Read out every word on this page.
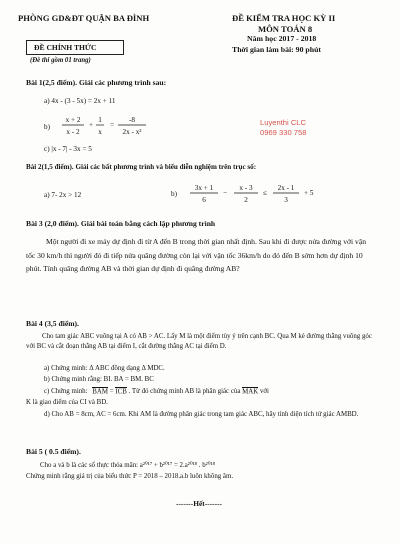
PHÒNG GD&ĐT QUẬN BA ĐÌNH
ĐỀ CHÍNH THỨC
(Đề thi gồm 01 trang)
ĐỀ KIỂM TRA HỌC KỲ II
MÔN TOÁN 8
Năm học 2017 - 2018
Thời gian làm bài: 90 phút
Bài 1(2,5 điểm). Giải các phương trình sau:
a) 4x - (3 - 5x) = 2x + 11
b)
x + 2
x - 2
+
1
x
=
-8
2x - x²
c) |x - 7| - 3x = 5
Luyenthi CLC
0969 330 758
Bài 2(1,5 điểm). Giải các bất phương trình và biểu diễn nghiệm trên trục số:
a) 7- 2x > 12	b)
3x + 1
6
−
x - 3
2
≤
2x - 1
3
+ 5
Bài 3 (2,0 điểm). Giải bài toán bằng cách lập phương trình
Một người đi xe máy dự định đi từ A đến B trong thời gian nhất định. Sau khi đi được nửa đường với vận tốc 30 km/h thì người đó đi tiếp nửa quãng đường còn lại với vận tốc 36km/h do đó đến B sớm hơn dự định 10 phút. Tính quãng đường AB và thời gian dự định đi quãng đường AB?
Bài 4 (3,5 điểm).
Cho tam giác ABC vuông tại A có AB > AC. Lấy M là một điểm tùy ý trên cạnh BC. Qua M kẻ đường thẳng vuông góc với BC và cắt đoạn thẳng AB tại điểm I, cắt đường thẳng AC tại điểm D.
a) Chứng minh: Δ ABC đồng dạng Δ MDC.
b) Chứng minh rằng: BI. BA = BM. BC
c) Chứng minh: BAM = ICB . Từ đó chứng minh AB là phân giác của MAK với
K là giao điểm của CI và BD.
d) Cho AB = 8cm, AC = 6cm. Khi AM là đường phân giác trong tam giác ABC, hãy tính diện tích tứ giác AMBD.
Bài 5 ( 0.5 điểm).
Cho a và b là các số thực thỏa mãn: a²⁰¹⁷ + b²⁰¹⁷ = 2.a²⁰¹⁸ . b²⁰¹⁸
Chứng minh rằng giá trị của biểu thức P = 2018 – 2018.a.b luôn không âm.
-------Hết-------
